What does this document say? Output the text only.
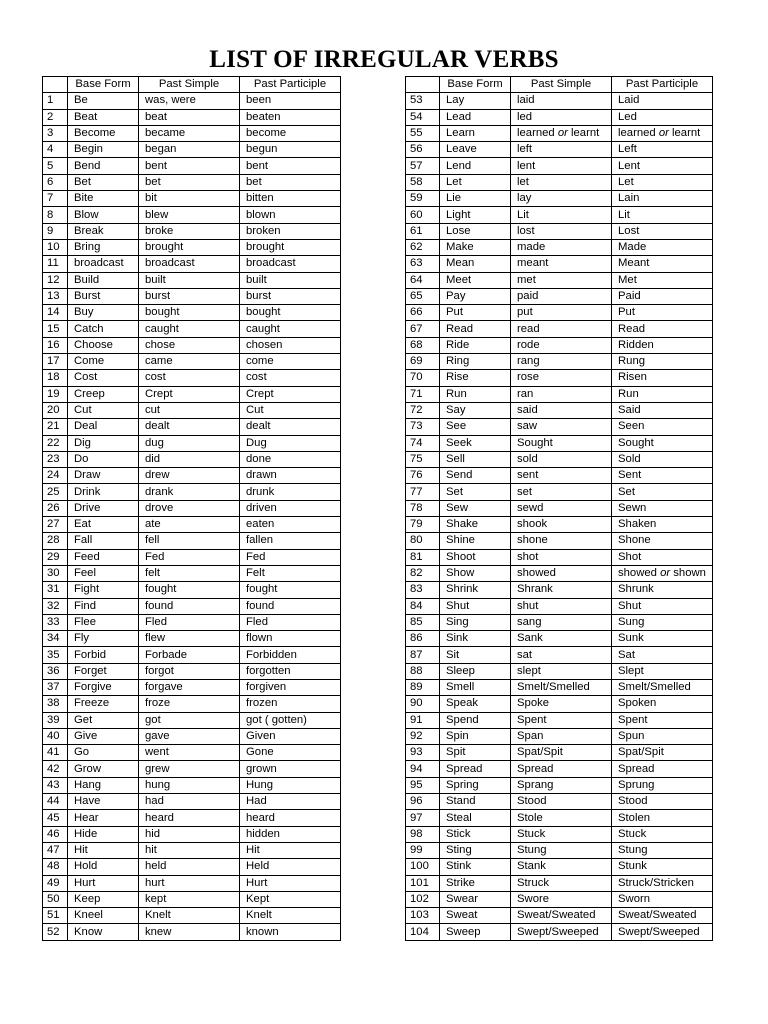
LIST OF IRREGULAR VERBS
	Base Form	Past Simple	Past Participle
1	Be	was, were	been
2	Beat	beat	beaten
3	Become	became	become
4	Begin	began	begun
5	Bend	bent	bent
6	Bet	bet	bet
7	Bite	bit	bitten
8	Blow	blew	blown
9	Break	broke	broken
10	Bring	brought	brought
11	broadcast	broadcast	broadcast
12	Build	built	built
13	Burst	burst	burst
14	Buy	bought	bought
15	Catch	caught	caught
16	Choose	chose	chosen
17	Come	came	come
18	Cost	cost	cost
19	Creep	Crept	Crept
20	Cut	cut	Cut
21	Deal	dealt	dealt
22	Dig	dug	Dug
23	Do	did	done
24	Draw	drew	drawn
25	Drink	drank	drunk
26	Drive	drove	driven
27	Eat	ate	eaten
28	Fall	fell	fallen
29	Feed	Fed	Fed
30	Feel	felt	Felt
31	Fight	fought	fought
32	Find	found	found
33	Flee	Fled	Fled
34	Fly	flew	flown
35	Forbid	Forbade	Forbidden
36	Forget	forgot	forgotten
37	Forgive	forgave	forgiven
38	Freeze	froze	frozen
39	Get	got	got ( gotten)
40	Give	gave	Given
41	Go	went	Gone
42	Grow	grew	grown
43	Hang	hung	Hung
44	Have	had	Had
45	Hear	heard	heard
46	Hide	hid	hidden
47	Hit	hit	Hit
48	Hold	held	Held
49	Hurt	hurt	Hurt
50	Keep	kept	Kept
51	Kneel	Knelt	Knelt
52	Know	knew	known
	Base Form	Past Simple	Past Participle
53	Lay	laid	Laid
54	Lead	led	Led
55	Learn	learned or learnt	learned or learnt
56	Leave	left	Left
57	Lend	lent	Lent
58	Let	let	Let
59	Lie	lay	Lain
60	Light	Lit	Lit
61	Lose	lost	Lost
62	Make	made	Made
63	Mean	meant	Meant
64	Meet	met	Met
65	Pay	paid	Paid
66	Put	put	Put
67	Read	read	Read
68	Ride	rode	Ridden
69	Ring	rang	Rung
70	Rise	rose	Risen
71	Run	ran	Run
72	Say	said	Said
73	See	saw	Seen
74	Seek	Sought	Sought
75	Sell	sold	Sold
76	Send	sent	Sent
77	Set	set	Set
78	Sew	sewd	Sewn
79	Shake	shook	Shaken
80	Shine	shone	Shone
81	Shoot	shot	Shot
82	Show	showed	showed or shown
83	Shrink	Shrank	Shrunk
84	Shut	shut	Shut
85	Sing	sang	Sung
86	Sink	Sank	Sunk
87	Sit	sat	Sat
88	Sleep	slept	Slept
89	Smell	Smelt/Smelled	Smelt/Smelled
90	Speak	Spoke	Spoken
91	Spend	Spent	Spent
92	Spin	Span	Spun
93	Spit	Spat/Spit	Spat/Spit
94	Spread	Spread	Spread
95	Spring	Sprang	Sprung
96	Stand	Stood	Stood
97	Steal	Stole	Stolen
98	Stick	Stuck	Stuck
99	Sting	Stung	Stung
100	Stink	Stank	Stunk
101	Strike	Struck	Struck/Stricken
102	Swear	Swore	Sworn
103	Sweat	Sweat/Sweated	Sweat/Sweated
104	Sweep	Swept/Sweeped	Swept/Sweeped
